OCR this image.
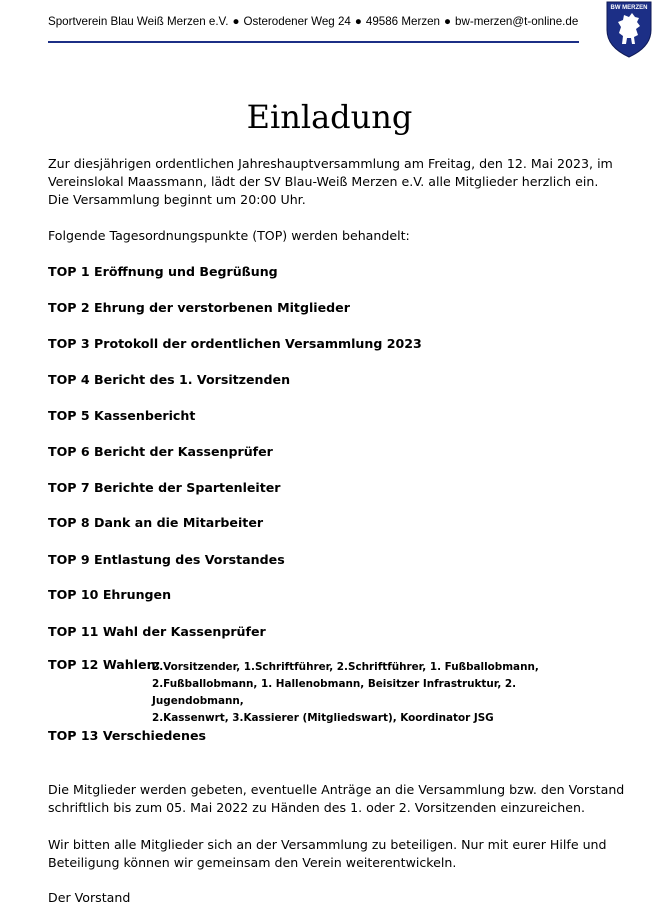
Sportverein Blau Weiß Merzen e.V. ● Osterodener Weg 24 ● 49586 Merzen ● bw-merzen@t-online.de
BW MERZEN
Einladung
Zur diesjährigen ordentlichen Jahreshauptversammlung am Freitag, den 12. Mai 2023, im
Vereinslokal Maassmann, lädt der SV Blau-Weiß Merzen e.V. alle Mitglieder herzlich ein.
Die Versammlung beginnt um 20:00 Uhr.
Folgende Tagesordnungspunkte (TOP) werden behandelt:
TOP 1 Eröffnung und Begrüßung
TOP 2 Ehrung der verstorbenen Mitglieder
TOP 3 Protokoll der ordentlichen Versammlung 2023
TOP 4 Bericht des 1. Vorsitzenden
TOP 5 Kassenbericht
TOP 6 Bericht der Kassenprüfer
TOP 7 Berichte der Spartenleiter
TOP 8 Dank an die Mitarbeiter
TOP 9 Entlastung des Vorstandes
TOP 10 Ehrungen
TOP 11 Wahl der Kassenprüfer
TOP 12 Wahlen:
2.Vorsitzender, 1.Schriftführer, 2.Schriftführer, 1. Fußballobmann,
2.Fußballobmann, 1. Hallenobmann, Beisitzer Infrastruktur, 2. Jugendobmann,
2.Kassenwrt, 3.Kassierer (Mitgliedswart), Koordinator JSG
TOP 13 Verschiedenes
Die Mitglieder werden gebeten, eventuelle Anträge an die Versammlung bzw. den Vorstand
schriftlich bis zum 05. Mai 2022 zu Händen des 1. oder 2. Vorsitzenden einzureichen.
Wir bitten alle Mitglieder sich an der Versammlung zu beteiligen. Nur mit eurer Hilfe und
Beteiligung können wir gemeinsam den Verein weiterentwickeln.
Der Vorstand
